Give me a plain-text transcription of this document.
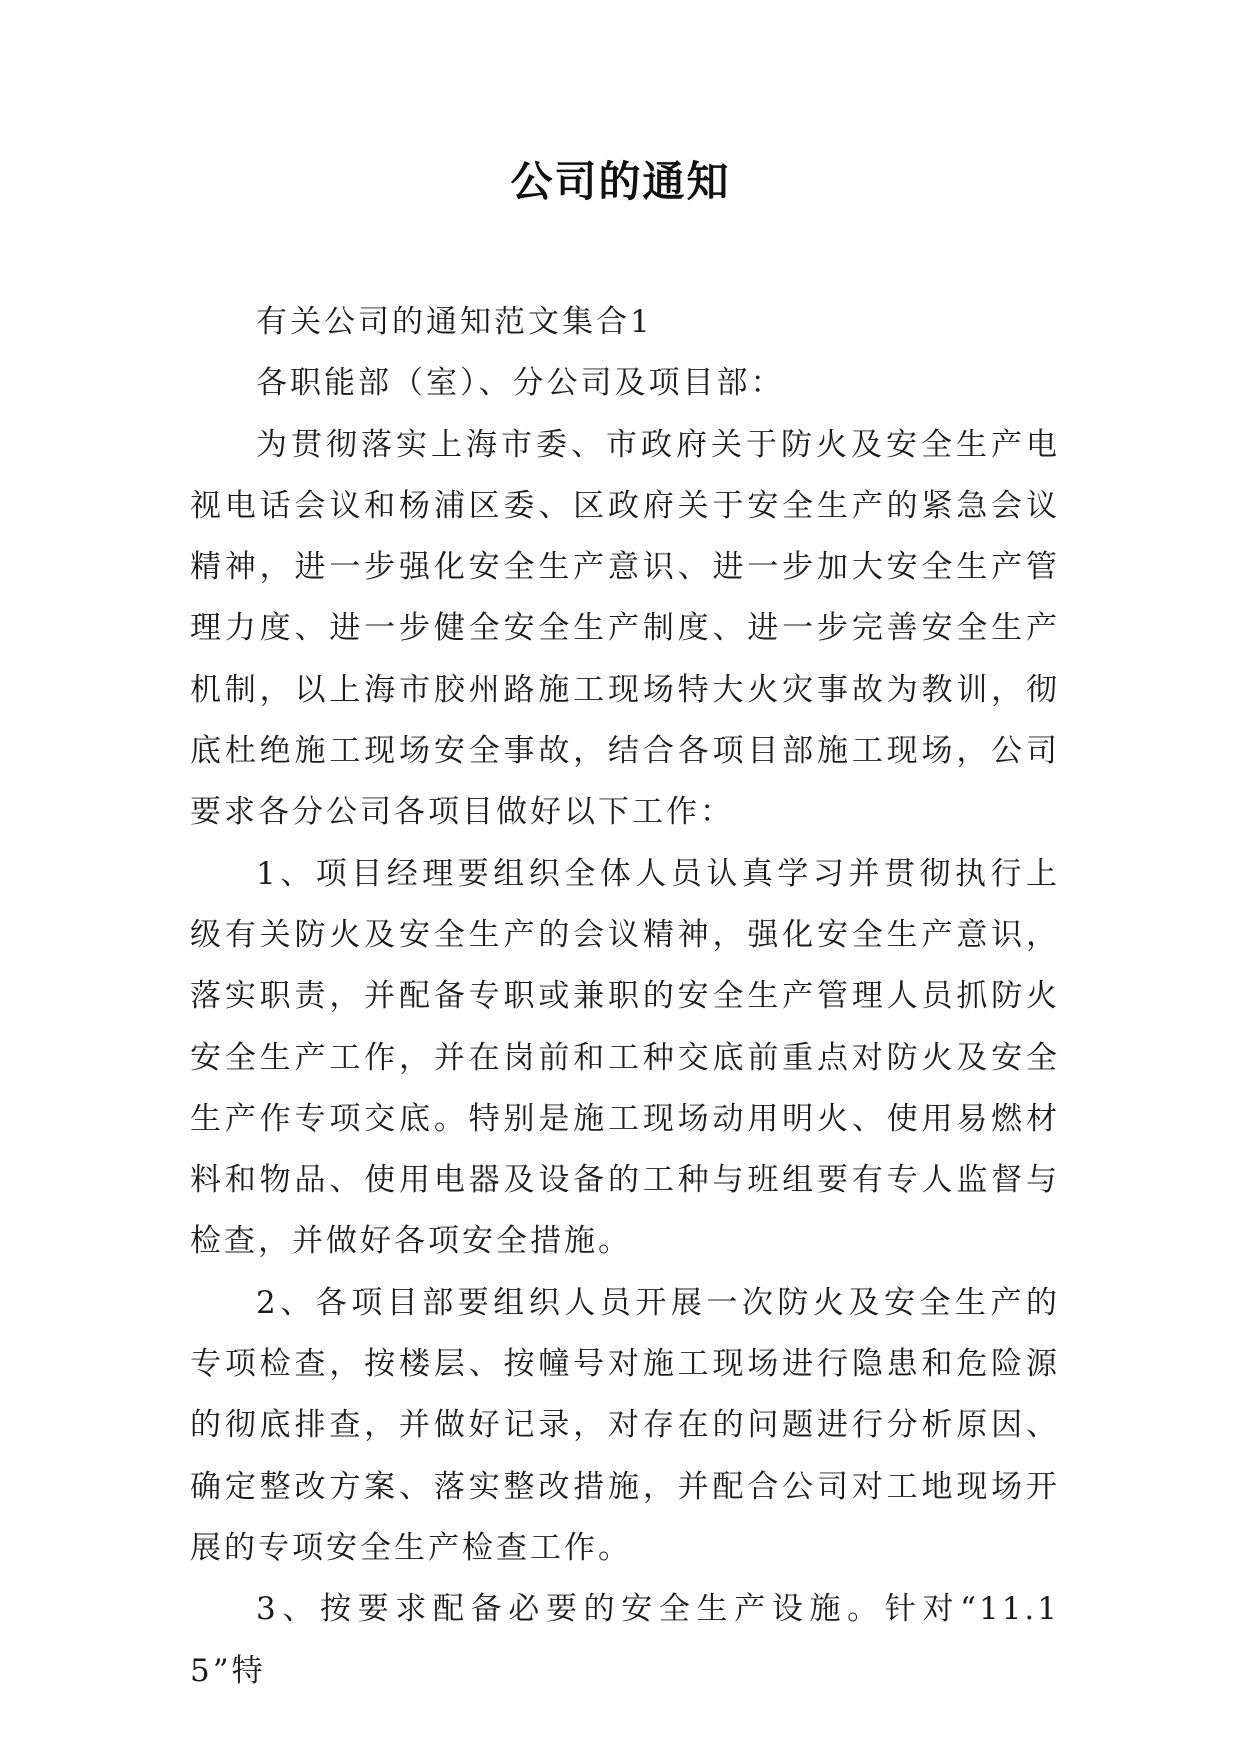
公司的通知

有关公司的通知范文集合1

各职能部（室）、分公司及项目部：

为贯彻落实上海市委、市政府关于防火及安全生产电视电话会议和杨浦区委、区政府关于安全生产的紧急会议精神，进一步强化安全生产意识、进一步加大安全生产管理力度、进一步健全安全生产制度、进一步完善安全生产机制，以上海市胶州路施工现场特大火灾事故为教训，彻底杜绝施工现场安全事故，结合各项目部施工现场，公司要求各分公司各项目做好以下工作：

1、项目经理要组织全体人员认真学习并贯彻执行上级有关防火及安全生产的会议精神，强化安全生产意识，落实职责，并配备专职或兼职的安全生产管理人员抓防火安全生产工作，并在岗前和工种交底前重点对防火及安全生产作专项交底。特别是施工现场动用明火、使用易燃材料和物品、使用电器及设备的工种与班组要有专人监督与检查，并做好各项安全措施。

2、各项目部要组织人员开展一次防火及安全生产的专项检查，按楼层、按幢号对施工现场进行隐患和危险源的彻底排查，并做好记录，对存在的问题进行分析原因、确定整改方案、落实整改措施，并配合公司对工地现场开展的专项安全生产检查工作。

3、按要求配备必要的安全生产设施。针对“11.15”特
